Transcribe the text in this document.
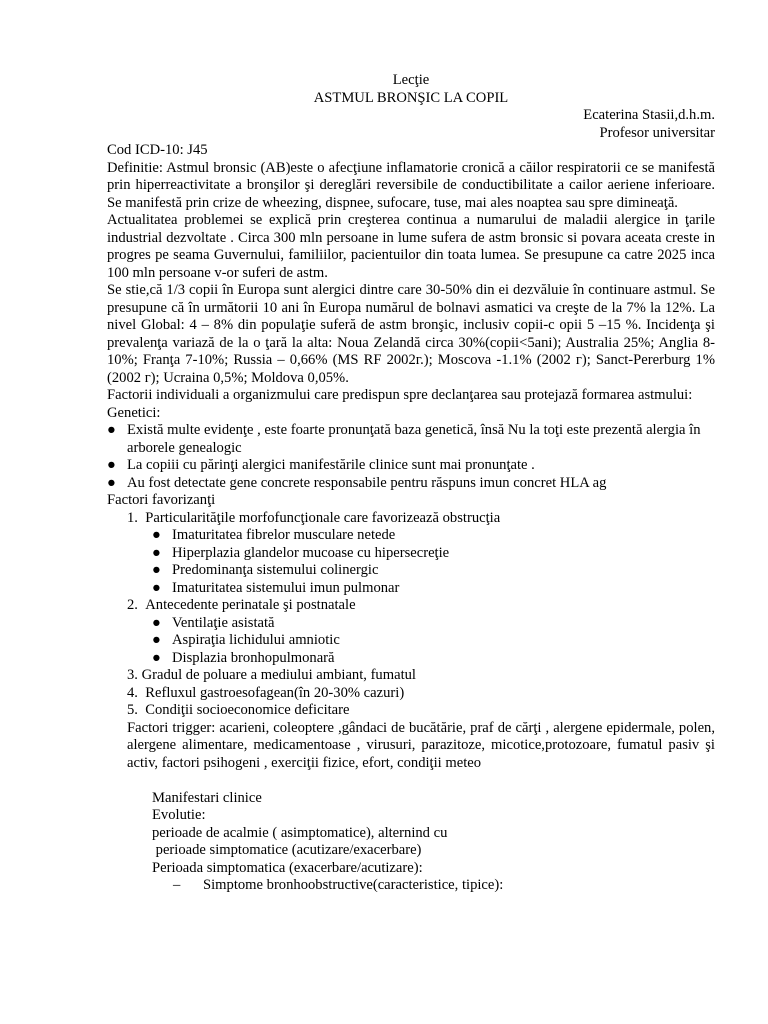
Lecţie

ASTMUL BRONŞIC LA COPIL

Ecaterina Stasii,d.h.m.

Profesor universitar

Cod ICD-10: J45

Definitie: Astmul bronsic (AB)este o afecţiune inflamatorie cronică a căilor respiratorii ce se manifestă prin hiperreactivitate a bronşilor şi dereglări reversibile de conductibilitate a cailor aeriene inferioare. Se manifestă prin crize de wheezing, dispnee, sufocare, tuse, mai ales noaptea sau spre dimineaţă.

Actualitatea problemei se explică prin creşterea continua a numarului de maladii alergice in ţarile industrial dezvoltate . Circa 300 mln persoane in lume sufera de astm bronsic si povara aceata creste in progres pe seama Guvernului, familiilor, pacientuilor din toata lumea. Se presupune ca catre 2025 inca 100 mln persoane v-or suferi de astm.

Se stie,că 1/3 copii în Europa sunt alergici dintre care 30-50% din ei dezvăluie în continuare astmul. Se presupune că în următorii 10 ani în Europa numărul de bolnavi asmatici va creşte de la 7% la 12%. La nivel Global: 4 – 8% din populaţie suferă de astm bronşic, inclusiv copii-c opii 5 –15 %. Incidenţa şi prevalenţa variază de la o ţară la alta: Noua Zelandă circa 30%(copii<5ani); Australia 25%; Anglia 8-10%; Franţa 7-10%; Russia – 0,66% (MS RF 2002г.); Moscova -1.1% (2002 г); Sanct-Pererburg 1% (2002 г); Ucraina 0,5%; Moldova 0,05%.

Factorii individuali a organizmului care predispun spre declanţarea sau protejază formarea astmului:

Genetici:

● Există multe evidenţe , este foarte pronunţată baza genetică, însă Nu la toţi este prezentă alergia în arborele genealogic
● La copiii cu părinţi alergici manifestările clinice sunt mai pronunţate .
● Au fost detectate gene concrete responsabile pentru răspuns imun concret HLA ag

Factori favorizanţi

1. Particularităţile morfofuncţionale care favorizează obstrucţia
● Imaturitatea fibrelor musculare netede
● Hiperplazia glandelor mucoase cu hipersecreţie
● Predominanţa sistemului colinergic
● Imaturitatea sistemului imun pulmonar
2. Antecedente perinatale şi postnatale
● Ventilaţie asistată
● Aspiraţia lichidului amniotic
● Displazia bronhopulmonară
3. Gradul de poluare a mediului ambiant, fumatul
4. Refluxul gastroesofagean(în 20-30% cazuri)
5. Condiţii socioeconomice deficitare

Factori trigger: acarieni, coleoptere ,gândaci de bucătărie, praf de cărţi , alergene epidermale, polen, alergene alimentare, medicamentoase , virusuri, parazitoze, micotice,protozoare, fumatul pasiv şi activ, factori psihogeni , exerciţii fizice, efort, condiţii meteo

Manifestari clinice

Evolutie:

perioade de acalmie ( asimptomatice), alternind cu

perioade simptomatice (acutizare/exacerbare)

Perioada simptomatica (exacerbare/acutizare):

– Simptome bronhoobstructive(caracteristice, tipice):
